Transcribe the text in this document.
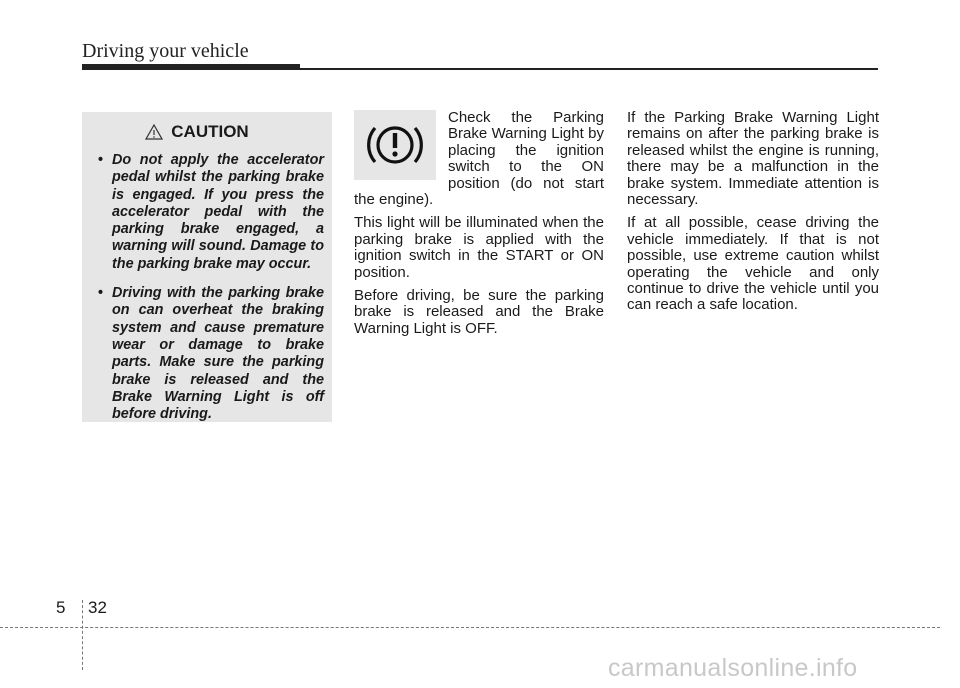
Driving your vehicle
CAUTION
• Do not apply the accelerator pedal whilst the parking brake is engaged. If you press the accelerator pedal with the parking brake engaged, a warning will sound. Damage to the parking brake may occur.
• Driving with the parking brake on can overheat the braking system and cause premature wear or damage to brake parts. Make sure the parking brake is released and the Brake Warning Light is off before driving.

Check the Parking Brake Warning Light by placing the ignition switch to the ON position (do not start the engine).

This light will be illuminated when the parking brake is applied with the ignition switch in the START or ON position.

Before driving, be sure the parking brake is released and the Brake Warning Light is OFF.

If the Parking Brake Warning Light remains on after the parking brake is released whilst the engine is running, there may be a malfunction in the brake system. Immediate attention is necessary.

If at all possible, cease driving the vehicle immediately. If that is not possible, use extreme caution whilst operating the vehicle and only continue to drive the vehicle until you can reach a safe location.

5 32
carmanualsonline.info
